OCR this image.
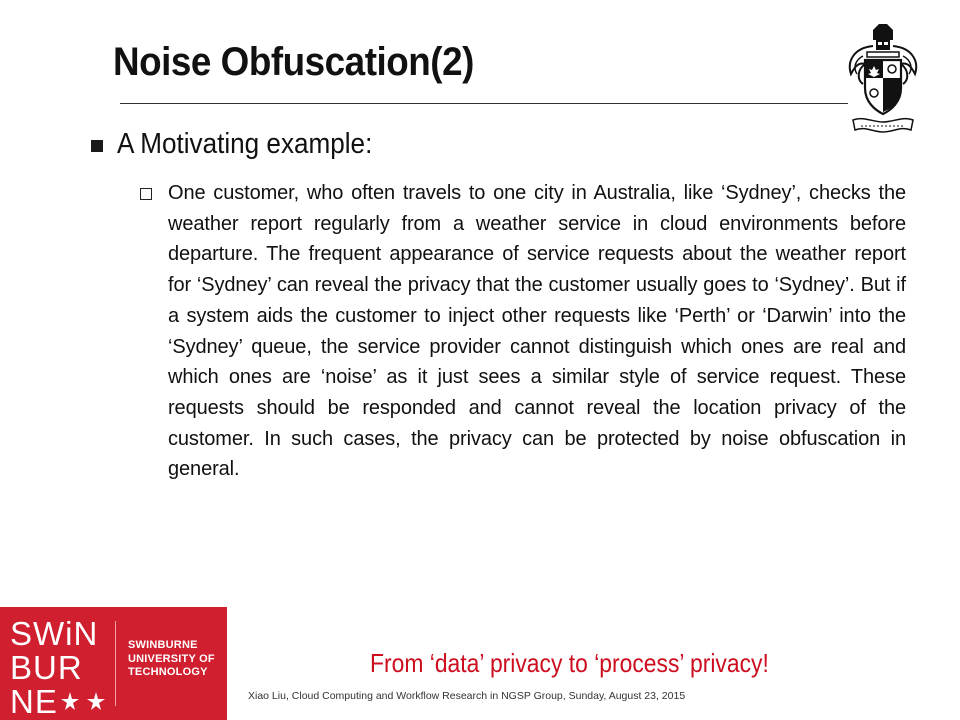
Noise Obfuscation(2)
A Motivating example:
One customer, who often travels to one city in Australia, like ‘Sydney’, checks the weather report regularly from a weather service in cloud environments before departure. The frequent appearance of service requests about the weather report for ‘Sydney’ can reveal the privacy that the customer usually goes to ‘Sydney’. But if a system aids the customer to inject other requests like ‘Perth’ or ‘Darwin’ into the ‘Sydney’ queue, the service provider cannot distinguish which ones are real and which ones are ‘noise’ as it just sees a similar style of service request. These requests should be responded and cannot reveal the location privacy of the customer. In such cases, the privacy can be protected by noise obfuscation in general.
SWiN
BUR
NE
SWINBURNE
UNIVERSITY OF
TECHNOLOGY	From ‘data’ privacy to ‘process’ privacy!
Xiao Liu, Cloud Computing and Workflow Research in NGSP Group, Sunday, August 23, 2015
